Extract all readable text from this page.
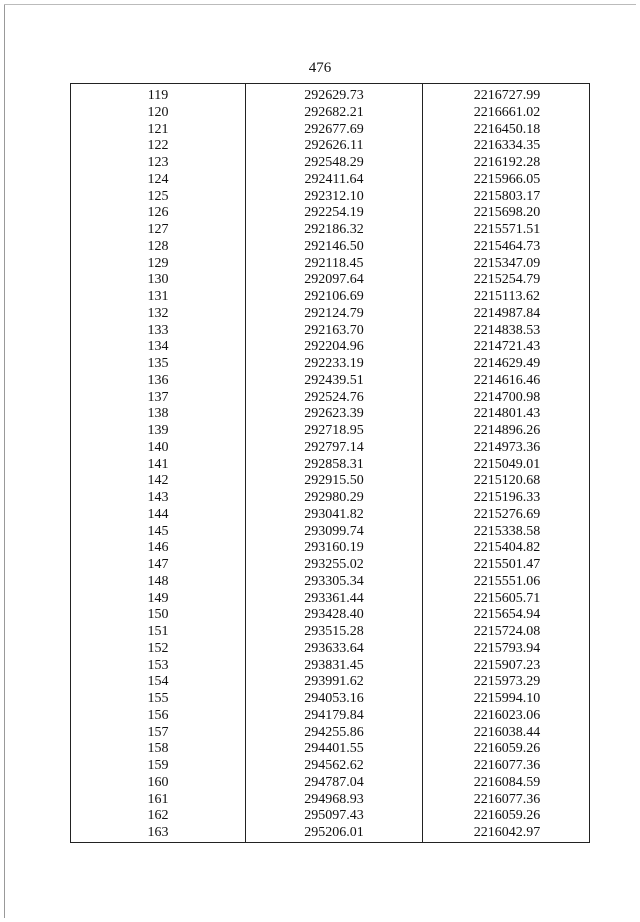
476
119	292629.73	2216727.99
120	292682.21	2216661.02
121	292677.69	2216450.18
122	292626.11	2216334.35
123	292548.29	2216192.28
124	292411.64	2215966.05
125	292312.10	2215803.17
126	292254.19	2215698.20
127	292186.32	2215571.51
128	292146.50	2215464.73
129	292118.45	2215347.09
130	292097.64	2215254.79
131	292106.69	2215113.62
132	292124.79	2214987.84
133	292163.70	2214838.53
134	292204.96	2214721.43
135	292233.19	2214629.49
136	292439.51	2214616.46
137	292524.76	2214700.98
138	292623.39	2214801.43
139	292718.95	2214896.26
140	292797.14	2214973.36
141	292858.31	2215049.01
142	292915.50	2215120.68
143	292980.29	2215196.33
144	293041.82	2215276.69
145	293099.74	2215338.58
146	293160.19	2215404.82
147	293255.02	2215501.47
148	293305.34	2215551.06
149	293361.44	2215605.71
150	293428.40	2215654.94
151	293515.28	2215724.08
152	293633.64	2215793.94
153	293831.45	2215907.23
154	293991.62	2215973.29
155	294053.16	2215994.10
156	294179.84	2216023.06
157	294255.86	2216038.44
158	294401.55	2216059.26
159	294562.62	2216077.36
160	294787.04	2216084.59
161	294968.93	2216077.36
162	295097.43	2216059.26
163	295206.01	2216042.97
